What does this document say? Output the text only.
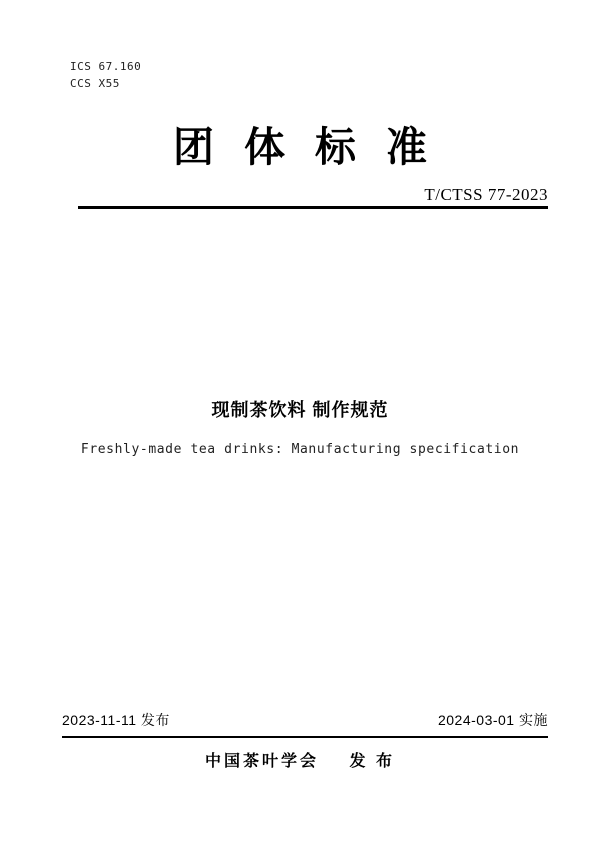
ICS 67.160
CCS X55
团体标准
T/CTSS 77-2023
现制茶饮料 制作规范
Freshly-made tea drinks: Manufacturing specification
2023-11-11 发布	2024-03-01 实施
中国茶叶学会 发 布
